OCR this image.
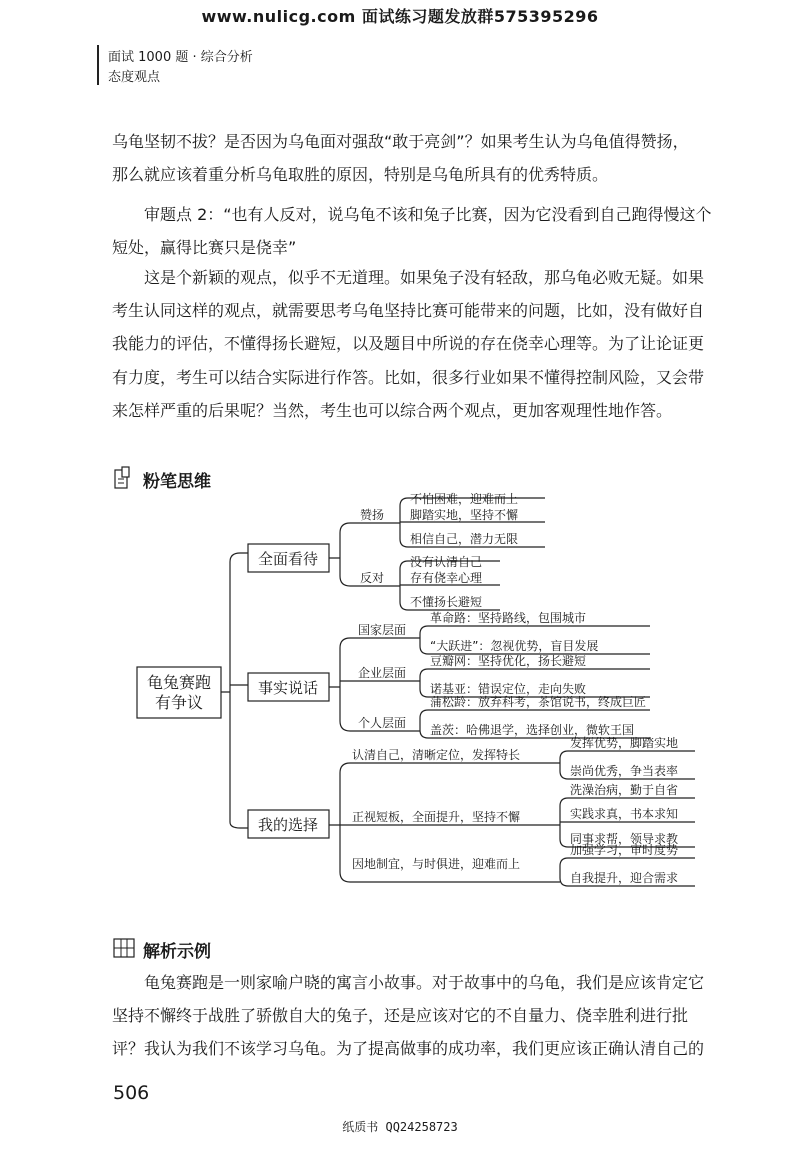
www.nulicg.com 面试练习题发放群575395296
面试 1000 题 · 综合分析
态度观点
乌龟坚韧不拔？是否因为乌龟面对强敌“敢于亮剑”？如果考生认为乌龟值得赞扬，
那么就应该着重分析乌龟取胜的原因，特别是乌龟所具有的优秀特质。
审题点 2：“也有人反对，说乌龟不该和兔子比赛，因为它没看到自己跑得慢这个
短处，赢得比赛只是侥幸”
这是个新颖的观点，似乎不无道理。如果兔子没有轻敌，那乌龟必败无疑。如果
考生认同这样的观点，就需要思考乌龟坚持比赛可能带来的问题，比如，没有做好自
我能力的评估，不懂得扬长避短，以及题目中所说的存在侥幸心理等。为了让论证更
有力度，考生可以结合实际进行作答。比如，很多行业如果不懂得控制风险，又会带
来怎样严重的后果呢？当然，考生也可以综合两个观点，更加客观理性地作答。
粉笔思维
龟兔赛跑
全面看待
事实说话
我的选择
赞扬
反对
不怕困难，迎难而上
脚踏实地，坚持不懈
相信自己，潜力无限
没有认清自己
存有侥幸心理
不懂扬长避短
国家层面
企业层面
个人层面
革命路：坚持路线，包围城市
“大跃进”：忽视优势，盲目发展
豆瓣网：坚持优化，扬长避短
诺基亚：错误定位，走向失败
蒲松龄：放弃科考，茶馆说书，终成巨匠
盖茨：哈佛退学，选择创业，微软王国
认清自己，清晰定位，发挥特长
正视短板，全面提升，坚持不懈
因地制宜，与时俱进，迎难而上
发挥优势，脚踏实地
崇尚优秀，争当表率
洗澡治病，勤于自省
实践求真，书本求知
同事求帮，领导求教
加强学习，审时度势
自我提升，迎合需求
有争议
解析示例
龟兔赛跑是一则家喻户晓的寓言小故事。对于故事中的乌龟，我们是应该肯定它
坚持不懈终于战胜了骄傲自大的兔子，还是应该对它的不自量力、侥幸胜利进行批
评？我认为我们不该学习乌龟。为了提高做事的成功率，我们更应该正确认清自己的
506
纸质书 QQ24258723
